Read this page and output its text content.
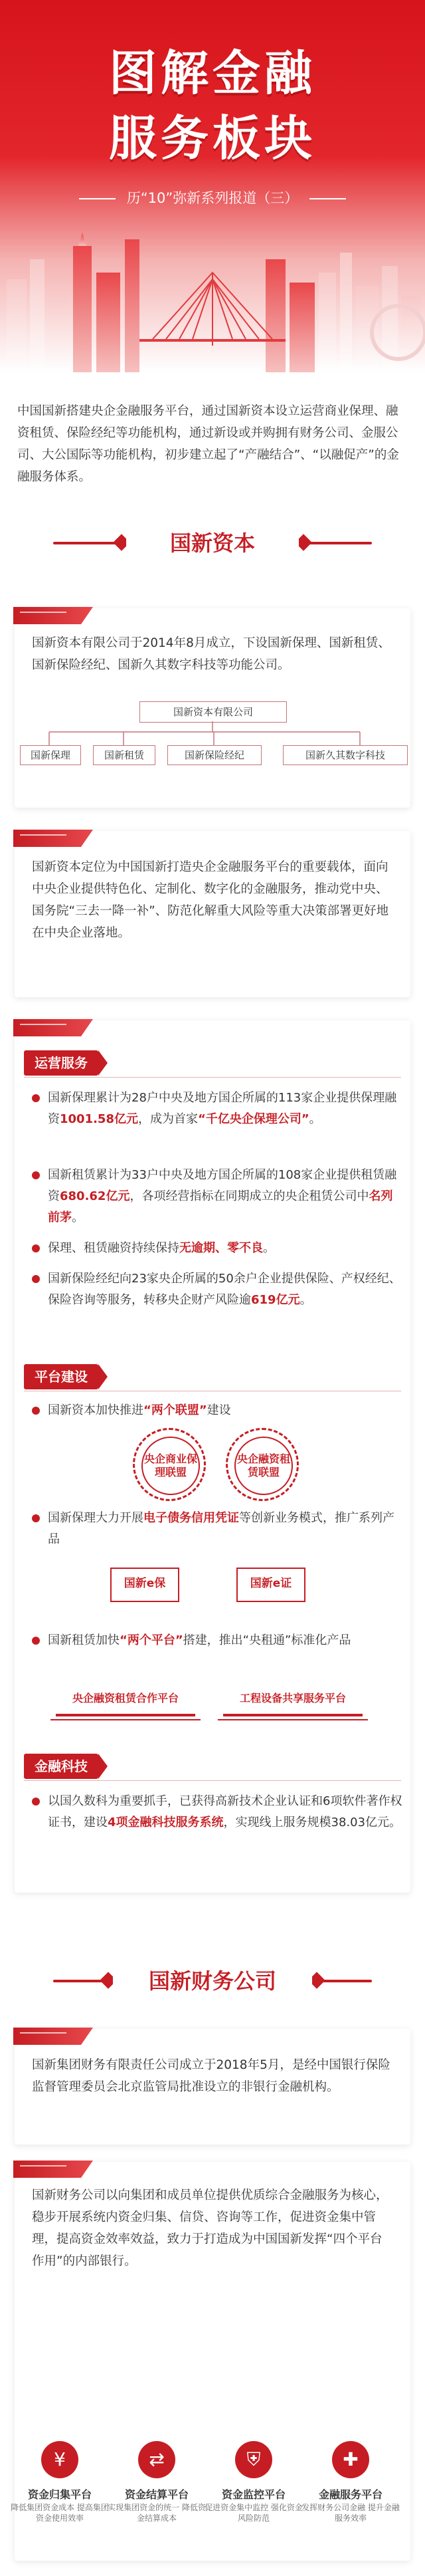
图解金融
服务板块
历“10”弥新系列报道（三）
中国国新搭建央企金融服务平台，通过国新资本设立运营商业保理、融资租赁、保险经纪等功能机构，通过新设或并购拥有财务公司、金服公司、大公国际等功能机构，初步建立起了“产融结合”、“以融促产”的金融服务体系。
国新资本

国新资本有限公司于2014年8月成立，下设国新保理、国新租赁、国新保险经纪、国新久其数字科技等功能公司。

国新资本有限公司
国新保理	国新租赁	国新保险经纪	国新久其数字科技

国新资本定位为中国国新打造央企金融服务平台的重要载体，面向中央企业提供特色化、定制化、数字化的金融服务，推动党中央、国务院“三去一降一补”、防范化解重大风险等重大决策部署更好地在中央企业落地。

运营服务
国新保理累计为28户中央及地方国企所属的113家企业提供保理融资1001.58亿元，成为首家“千亿央企保理公司”。
国新租赁累计为33户中央及地方国企所属的108家企业提供租赁融资680.62亿元，各项经营指标在同期成立的央企租赁公司中名列前茅。
保理、租赁融资持续保持无逾期、零不良。
国新保险经纪向23家央企所属的50余户企业提供保险、产权经纪、保险咨询等服务，转移央企财产风险逾619亿元。
平台建设
国新资本加快推进“两个联盟”建设
央企商业保理联盟
央企融资租赁联盟
国新保理大力开展电子债务信用凭证等创新业务模式，推广系列产品
国新e保	国新e证
国新租赁加快“两个平台”搭建，推出“央租通”标准化产品
央企融资租赁合作平台	工程设备共享服务平台
金融科技
以国久数科为重要抓手，已获得高新技术企业认证和6项软件著作权证书，建设4项金融科技服务系统，实现线上服务规模38.03亿元。
国新财务公司

国新集团财务有限责任公司成立于2018年5月，是经中国银行保险监督管理委员会北京监管局批准设立的非银行金融机构。

国新财务公司以向集团和成员单位提供优质综合金融服务为核心，稳步开展系统内资金归集、信贷、咨询等工作，促进资金集中管理，提高资金效率效益，致力于打造成为中国国新发挥“四个平台作用”的内部银行。

¥
资金归集平台
降低集团资金成本 提高集团资金使用效率
⇄
资金结算平台
实现集团资金的统一 降低资金结算成本
⛨
资金监控平台
促进资金集中监控 强化资金风险防范
✚
金融服务平台
发挥财务公司金融 提升金融服务效率
